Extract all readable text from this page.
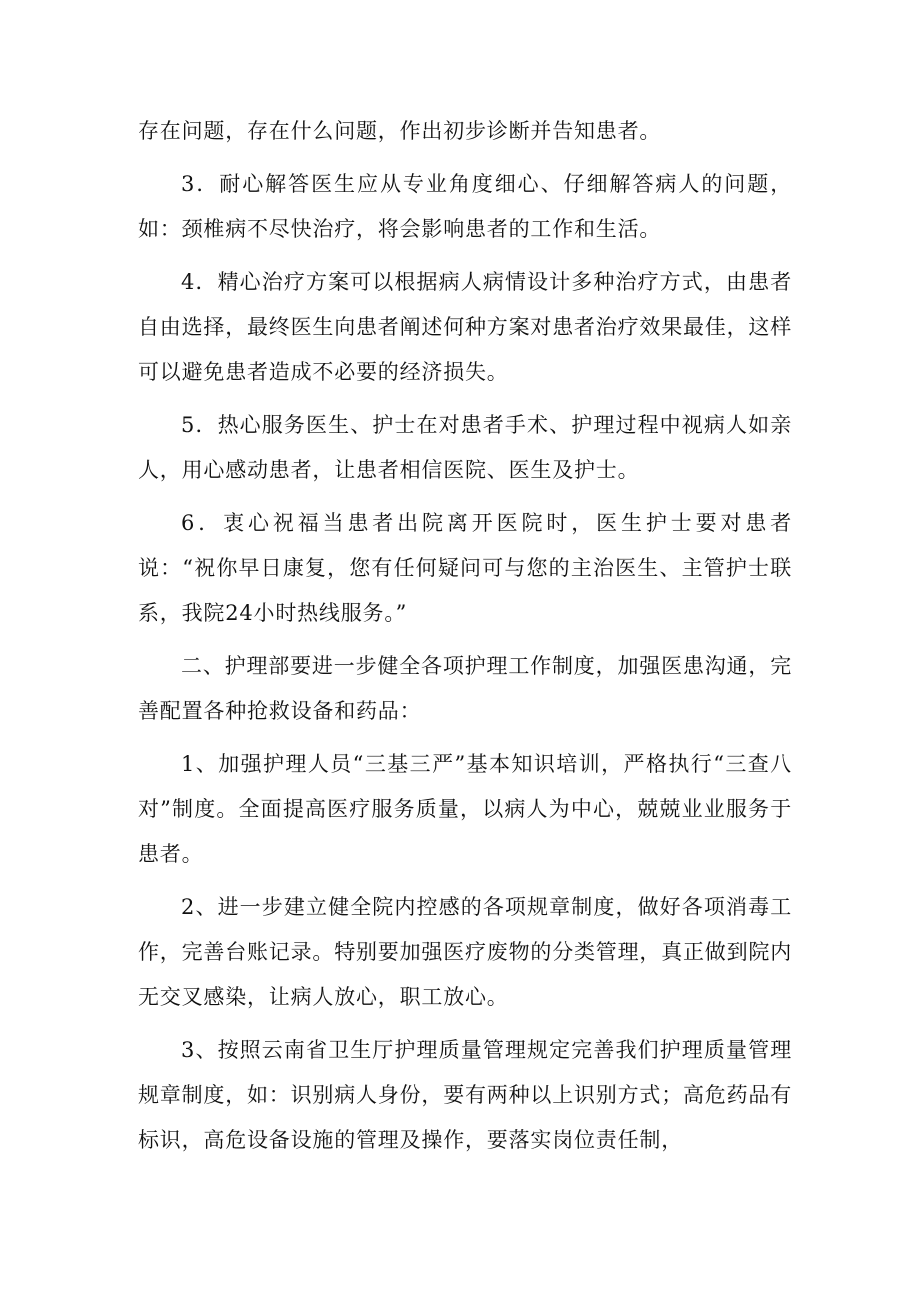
存在问题，存在什么问题，作出初步诊断并告知患者。

3．耐心解答医生应从专业角度细心、仔细解答病人的问题，如：颈椎病不尽快治疗，将会影响患者的工作和生活。

4．精心治疗方案可以根据病人病情设计多种治疗方式，由患者自由选择，最终医生向患者阐述何种方案对患者治疗效果最佳，这样可以避免患者造成不必要的经济损失。

5．热心服务医生、护士在对患者手术、护理过程中视病人如亲人，用心感动患者，让患者相信医院、医生及护士。

6．衷心祝福当患者出院离开医院时，医生护士要对患者说：“祝你早日康复，您有任何疑问可与您的主治医生、主管护士联系，我院24小时热线服务。”

二、护理部要进一步健全各项护理工作制度，加强医患沟通，完善配置各种抢救设备和药品：

1、加强护理人员“三基三严”基本知识培训，严格执行“三查八对”制度。全面提高医疗服务质量，以病人为中心，兢兢业业服务于患者。

2、进一步建立健全院内控感的各项规章制度，做好各项消毒工作，完善台账记录。特别要加强医疗废物的分类管理，真正做到院内无交叉感染，让病人放心，职工放心。

3、按照云南省卫生厅护理质量管理规定完善我们护理质量管理规章制度，如：识别病人身份，要有两种以上识别方式；高危药品有标识，高危设备设施的管理及操作，要落实岗位责任制，
